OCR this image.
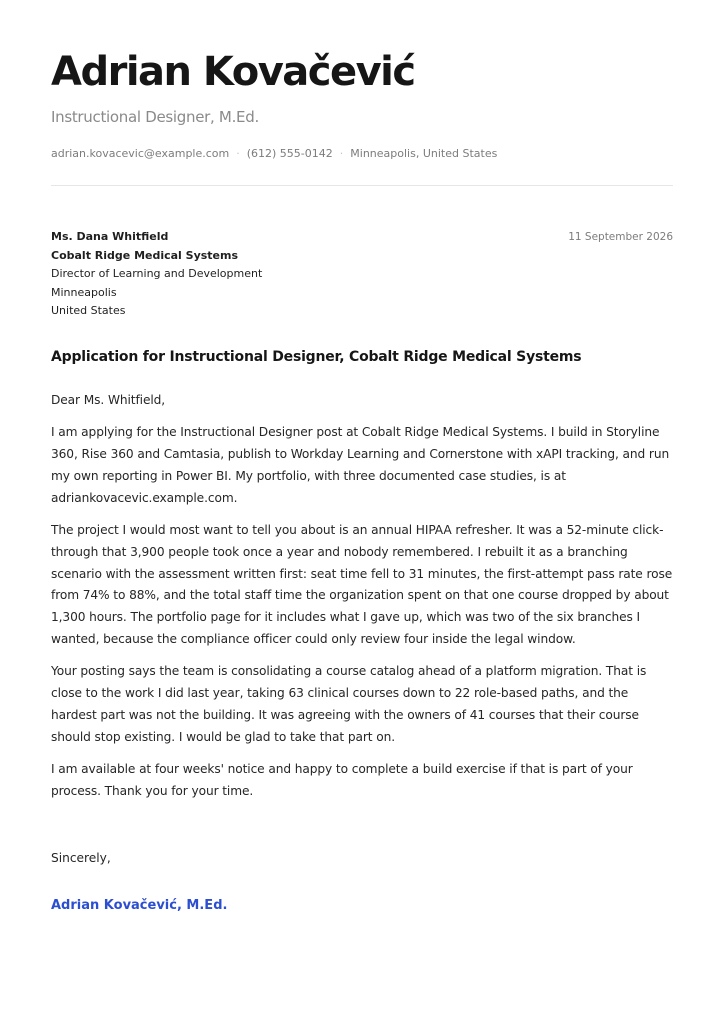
Adrian Kovačević
Instructional Designer, M.Ed.
adrian.kovacevic@example.com · (612) 555-0142 · Minneapolis, United States
Ms. Dana Whitfield
Cobalt Ridge Medical Systems
Director of Learning and Development
Minneapolis
United States
11 September 2026
Application for Instructional Designer, Cobalt Ridge Medical Systems

Dear Ms. Whitfield,

I am applying for the Instructional Designer post at Cobalt Ridge Medical Systems. I build in Storyline 360, Rise 360 and Camtasia, publish to Workday Learning and Cornerstone with xAPI tracking, and run my own reporting in Power BI. My portfolio, with three documented case studies, is at adriankovacevic.example.com.

The project I would most want to tell you about is an annual HIPAA refresher. It was a 52-minute click-through that 3,900 people took once a year and nobody remembered. I rebuilt it as a branching scenario with the assessment written first: seat time fell to 31 minutes, the first-attempt pass rate rose from 74% to 88%, and the total staff time the organization spent on that one course dropped by about 1,300 hours. The portfolio page for it includes what I gave up, which was two of the six branches I wanted, because the compliance officer could only review four inside the legal window.

Your posting says the team is consolidating a course catalog ahead of a platform migration. That is close to the work I did last year, taking 63 clinical courses down to 22 role-based paths, and the hardest part was not the building. It was agreeing with the owners of 41 courses that their course should stop existing. I would be glad to take that part on.

I am available at four weeks' notice and happy to complete a build exercise if that is part of your process. Thank you for your time.

Sincerely,
Adrian Kovačević, M.Ed.
